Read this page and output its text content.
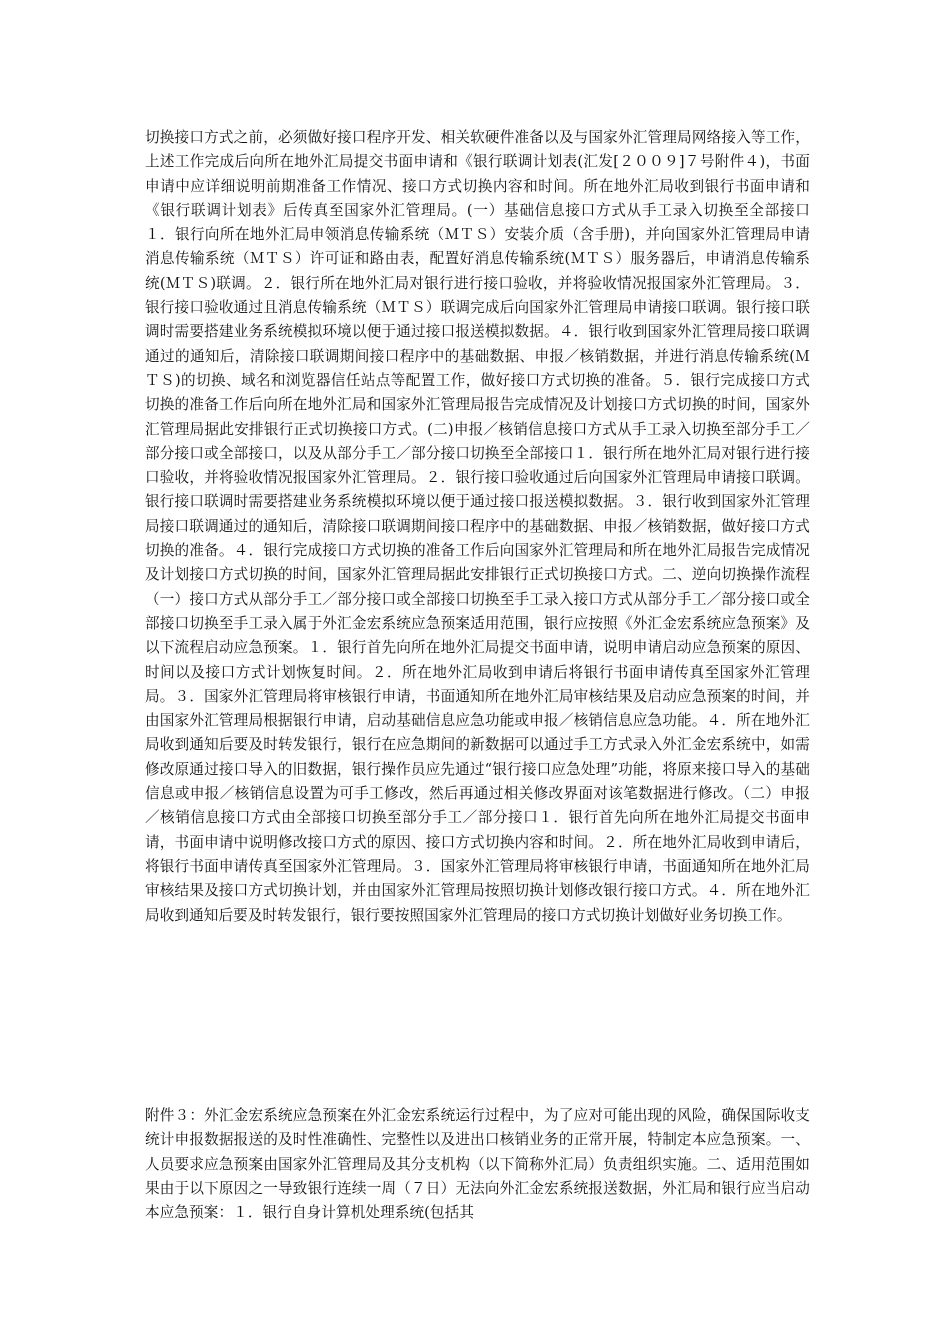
切换接口方式之前，必须做好接口程序开发、相关软硬件准备以及与国家外汇管理局网络接入等工作，上述工作完成后向所在地外汇局提交书面申请和《银行联调计划表(汇发[２００９]７号附件４)，书面申请中应详细说明前期准备工作情况、接口方式切换内容和时间。所在地外汇局收到银行书面申请和《银行联调计划表》后传真至国家外汇管理局。(一）基础信息接口方式从手工录入切换至全部接口１．银行向所在地外汇局申领消息传输系统（ＭＴＳ）安装介质（含手册)，并向国家外汇管理局申请消息传输系统（ＭＴＳ）许可证和路由表，配置好消息传输系统(ＭＴＳ）服务器后，申请消息传输系统(ＭＴＳ)联调。２．银行所在地外汇局对银行进行接口验收，并将验收情况报国家外汇管理局。３．银行接口验收通过且消息传输系统（ＭＴＳ）联调完成后向国家外汇管理局申请接口联调。银行接口联调时需要搭建业务系统模拟环境以便于通过接口报送模拟数据。４．银行收到国家外汇管理局接口联调通过的通知后，清除接口联调期间接口程序中的基础数据、申报／核销数据，并进行消息传输系统(ＭＴＳ)的切换、域名和浏览器信任站点等配置工作，做好接口方式切换的准备。５．银行完成接口方式切换的准备工作后向所在地外汇局和国家外汇管理局报告完成情况及计划接口方式切换的时间，国家外汇管理局据此安排银行正式切换接口方式。(二)申报／核销信息接口方式从手工录入切换至部分手工／部分接口或全部接口，以及从部分手工／部分接口切换至全部接口１．银行所在地外汇局对银行进行接口验收，并将验收情况报国家外汇管理局。２．银行接口验收通过后向国家外汇管理局申请接口联调。银行接口联调时需要搭建业务系统模拟环境以便于通过接口报送模拟数据。３．银行收到国家外汇管理局接口联调通过的通知后，清除接口联调期间接口程序中的基础数据、申报／核销数据，做好接口方式切换的准备。４．银行完成接口方式切换的准备工作后向国家外汇管理局和所在地外汇局报告完成情况及计划接口方式切换的时间，国家外汇管理局据此安排银行正式切换接口方式。二、逆向切换操作流程（一）接口方式从部分手工／部分接口或全部接口切换至手工录入接口方式从部分手工／部分接口或全部接口切换至手工录入属于外汇金宏系统应急预案适用范围，银行应按照《外汇金宏系统应急预案》及以下流程启动应急预案。１．银行首先向所在地外汇局提交书面申请，说明申请启动应急预案的原因、时间以及接口方式计划恢复时间。２．所在地外汇局收到申请后将银行书面申请传真至国家外汇管理局。３．国家外汇管理局将审核银行申请，书面通知所在地外汇局审核结果及启动应急预案的时间，并由国家外汇管理局根据银行申请，启动基础信息应急功能或申报／核销信息应急功能。４．所在地外汇局收到通知后要及时转发银行，银行在应急期间的新数据可以通过手工方式录入外汇金宏系统中，如需修改原通过接口导入的旧数据，银行操作员应先通过“银行接口应急处理”功能，将原来接口导入的基础信息或申报／核销信息设置为可手工修改，然后再通过相关修改界面对该笔数据进行修改。（二）申报／核销信息接口方式由全部接口切换至部分手工／部分接口１．银行首先向所在地外汇局提交书面申请，书面申请中说明修改接口方式的原因、接口方式切换内容和时间。２．所在地外汇局收到申请后，将银行书面申请传真至国家外汇管理局。３．国家外汇管理局将审核银行申请，书面通知所在地外汇局审核结果及接口方式切换计划，并由国家外汇管理局按照切换计划修改银行接口方式。４．所在地外汇局收到通知后要及时转发银行，银行要按照国家外汇管理局的接口方式切换计划做好业务切换工作。

附件３：外汇金宏系统应急预案在外汇金宏系统运行过程中，为了应对可能出现的风险，确保国际收支统计申报数据报送的及时性准确性、完整性以及进出口核销业务的正常开展，特制定本应急预案。一、人员要求应急预案由国家外汇管理局及其分支机构（以下简称外汇局）负责组织实施。二、适用范围如果由于以下原因之一导致银行连续一周（７日）无法向外汇金宏系统报送数据，外汇局和银行应当启动本应急预案：１．银行自身计算机处理系统(包括其
